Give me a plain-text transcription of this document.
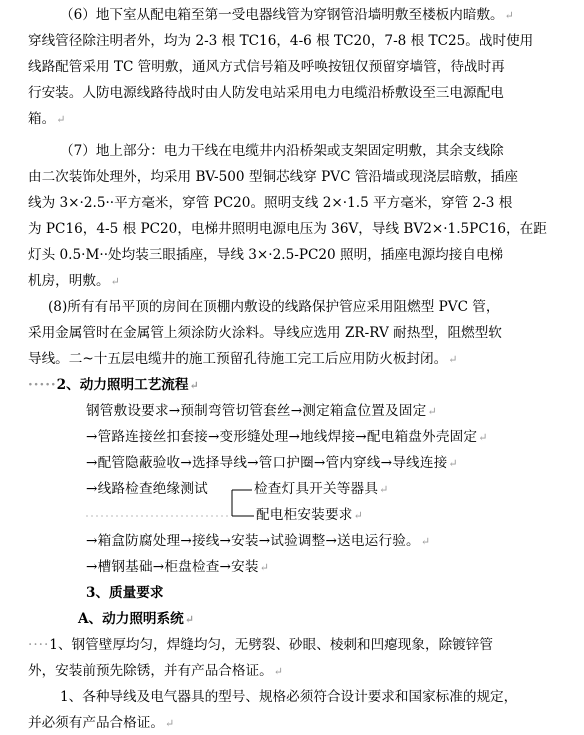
（6）地下室从配电箱至第一受电器线管为穿钢管沿墙明敷至楼板内暗敷。↵
穿线管径除注明者外，均为 2-3 根 TC16，4-6 根 TC20，7-8 根 TC25。战时使用
线路配管采用 TC 管明敷，通风方式信号箱及呼唤按钮仅预留穿墙管，待战时再
行安装。人防电源线路待战时由人防发电站采用电力电缆沿桥敷设至三电源配电
箱。↵
（7）地上部分：电力干线在电缆井内沿桥架或支架固定明敷，其余支线除
由二次装饰处理外，均采用 BV-500 型铜芯线穿 PVC 管沿墙或现浇层暗敷，插座
线为 3×·2.5··平方毫米，穿管 PC20。照明支线 2×·1.5 平方毫米，穿管 2-3 根
为 PC16，4-5 根 PC20，电梯井照明电源电压为 36V，导线 BV2×·1.5PC16，在距
灯头 0.5·M··处均装三眼插座，导线 3×·2.5-PC20 照明，插座电源均接自电梯
机房，明敷。↵
(8)所有有吊平顶的房间在顶棚内敷设的线路保护管应采用阻燃型 PVC 管，
采用金属管时在金属管上须涂防火涂料。导线应选用 ZR-RV 耐热型，阻燃型软
导线。二~十五层电缆井的施工预留孔待施工完工后应用防火板封闭。↵
·····2、动力照明工艺流程↵
钢管敷设要求→预制弯管切管套丝→测定箱盒位置及固定↵
→管路连接丝扣套接→变形缝处理→地线焊接→配电箱盘外壳固定↵
→配管隐蔽验收→选择导线→管口护圈→管内穿线→导线连接↵
→线路检查绝缘测试	检查灯具开关等器具↵
配电柜安装要求↵
→箱盒防腐处理→接线→安装→试验调整→送电运行验。↵
→槽钢基础→柜盘检查→安装↵
3、质量要求
A、动力照明系统↵
····1、钢管壁厚均匀，焊缝均匀，无劈裂、砂眼、棱刺和凹瘪现象，除镀锌管
外，安装前预先除锈，并有产品合格证。↵
1、各种导线及电气器具的型号、规格必须符合设计要求和国家标准的规定，
并必须有产品合格证。↵
